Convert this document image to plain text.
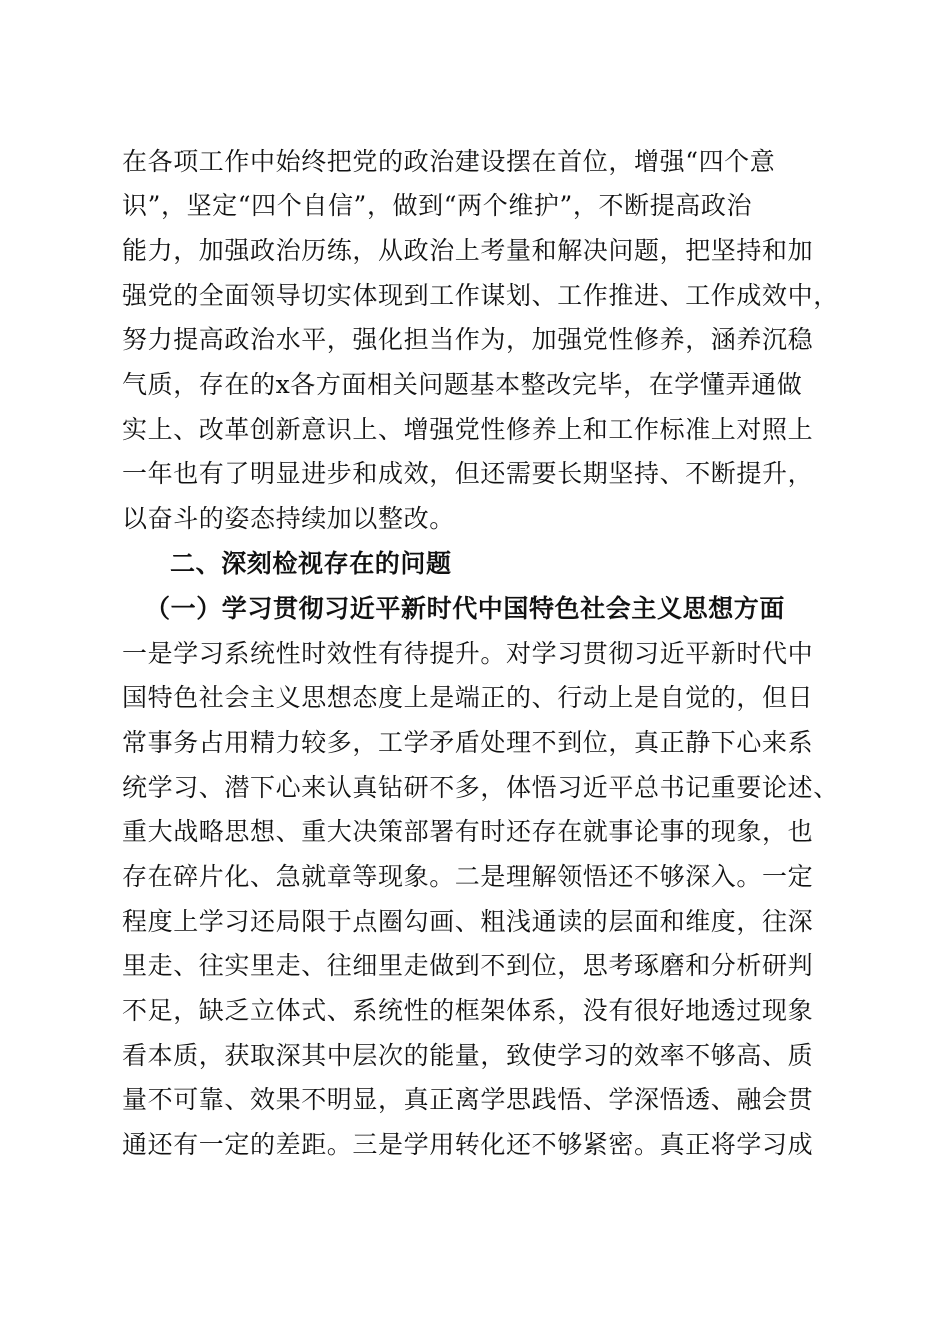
在各项工作中始终把党的政治建设摆在首位，增强“四个意
识”，坚定“四个自信”，做到“两个维护”，不断提高政治
能力，加强政治历练，从政治上考量和解决问题，把坚持和加
强党的全面领导切实体现到工作谋划、工作推进、工作成效中，
努力提高政治水平，强化担当作为，加强党性修养，涵养沉稳
气质，存在的x各方面相关问题基本整改完毕，在学懂弄通做
实上、改革创新意识上、增强党性修养上和工作标准上对照上
一年也有了明显进步和成效，但还需要长期坚持、不断提升，
以奋斗的姿态持续加以整改。
二、深刻检视存在的问题
（一）学习贯彻习近平新时代中国特色社会主义思想方面
一是学习系统性时效性有待提升。对学习贯彻习近平新时代中
国特色社会主义思想态度上是端正的、行动上是自觉的，但日
常事务占用精力较多，工学矛盾处理不到位，真正静下心来系
统学习、潜下心来认真钻研不多，体悟习近平总书记重要论述、
重大战略思想、重大决策部署有时还存在就事论事的现象，也
存在碎片化、急就章等现象。二是理解领悟还不够深入。一定
程度上学习还局限于点圈勾画、粗浅通读的层面和维度，往深
里走、往实里走、往细里走做到不到位，思考琢磨和分析研判
不足，缺乏立体式、系统性的框架体系，没有很好地透过现象
看本质，获取深其中层次的能量，致使学习的效率不够高、质
量不可靠、效果不明显，真正离学思践悟、学深悟透、融会贯
通还有一定的差距。三是学用转化还不够紧密。真正将学习成
